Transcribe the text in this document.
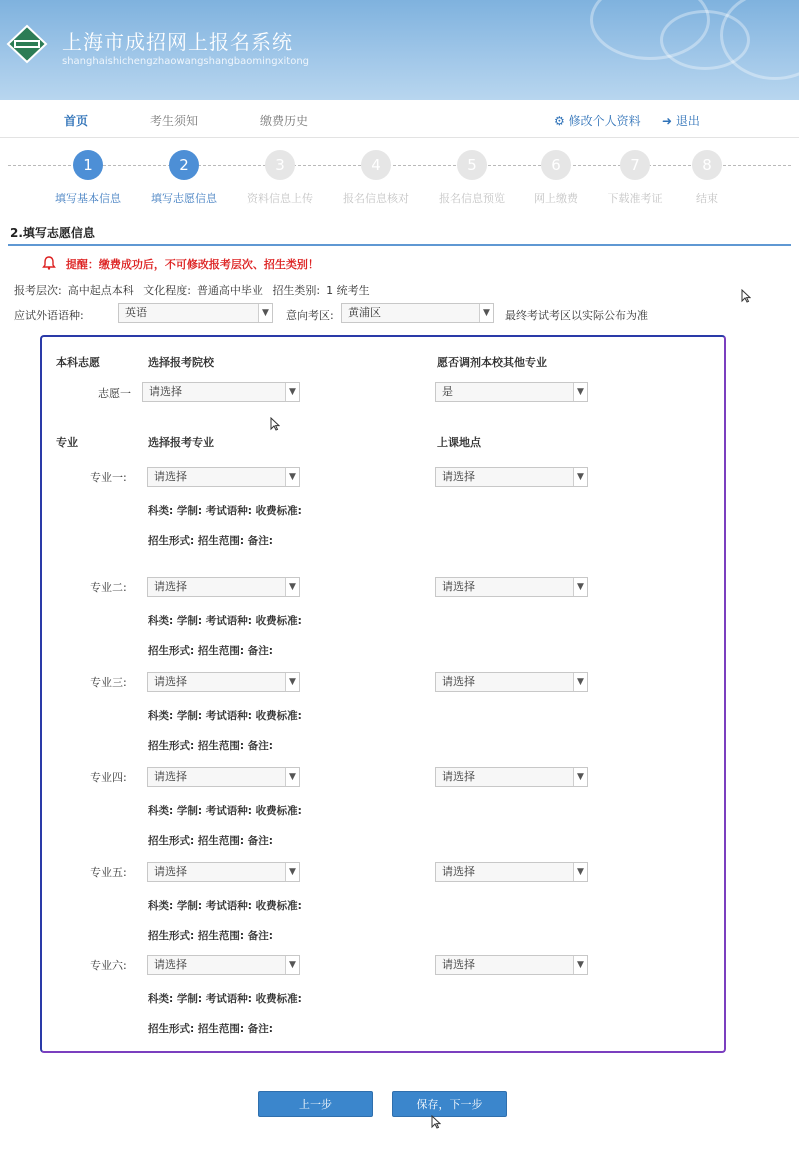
上海市成招网上报名系统
shanghaishichengzhaowangshangbaomingxitong
首页	考生须知	缴费历史	⚙ 修改个人资料 ➜ 退出
1
填写基本信息
2
填写志愿信息
3
资料信息上传
4
报名信息核对
5
报名信息预览
6
网上缴费
7
下载准考证
8
结束
2.填写志愿信息
提醒：缴费成功后，不可修改报考层次、招生类别！
报考层次: 高中起点本科 文化程度: 普通高中毕业 招生类别: 1 统考生
应试外语语种:	英语	▼ 意向考区:	黄浦区	▼ 最终考试考区以实际公布为准
本科志愿	选择报考院校	愿否调剂本校其他专业
志愿一	请选择	▼	是	▼
专业	选择报考专业	上课地点
专业一:	请选择	▼	请选择	▼
科类: 学制: 考试语种: 收费标准:
招生形式: 招生范围: 备注:
专业二:	请选择	▼	请选择	▼
科类: 学制: 考试语种: 收费标准:
招生形式: 招生范围: 备注:
专业三:	请选择	▼	请选择	▼
科类: 学制: 考试语种: 收费标准:
招生形式: 招生范围: 备注:
专业四:	请选择	▼	请选择	▼
科类: 学制: 考试语种: 收费标准:
招生形式: 招生范围: 备注:
专业五:	请选择	▼	请选择	▼
科类: 学制: 考试语种: 收费标准:
招生形式: 招生范围: 备注:
专业六:	请选择	▼	请选择	▼
科类: 学制: 考试语种: 收费标准:
招生形式: 招生范围: 备注:
上一步	保存，下一步
